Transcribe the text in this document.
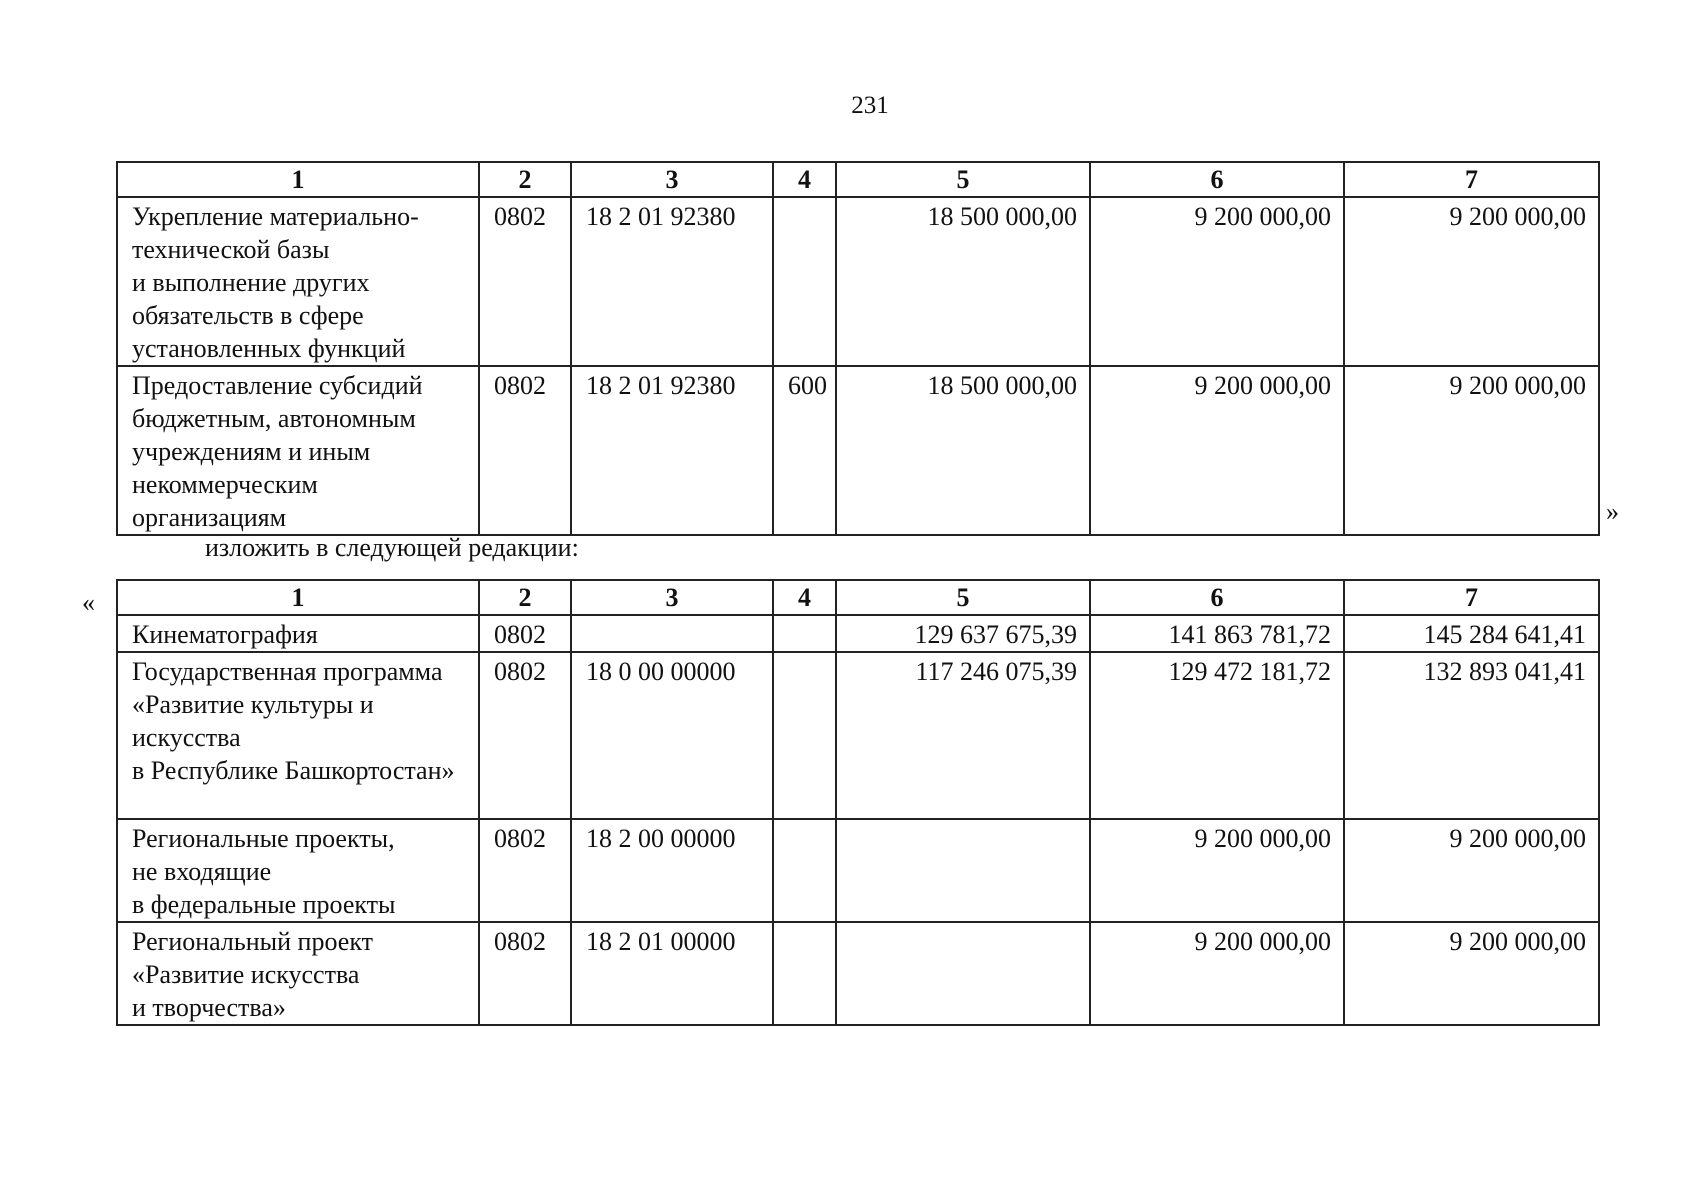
231
1	2	3	4	5	6	7
Укрепление материально-технической базы
и выполнение других обязательств в сфере установленных функций	0802	18 2 01 92380		18 500 000,00	9 200 000,00	9 200 000,00
Предоставление субсидий бюджетным, автономным учреждениям и иным некоммерческим организациям	0802	18 2 01 92380	600	18 500 000,00	9 200 000,00	9 200 000,00
»
изложить в следующей редакции:
«	1	2	3	4	5	6	7
Кинематография	0802			129 637 675,39	141 863 781,72	145 284 641,41
Государственная программа «Развитие культуры и искусства
в Республике Башкортостан»	0802	18 0 00 00000		117 246 075,39	129 472 181,72	132 893 041,41
Региональные проекты,
не входящие
в федеральные проекты	0802	18 2 00 00000			9 200 000,00	9 200 000,00
Региональный проект «Развитие искусства
и творчества»	0802	18 2 01 00000			9 200 000,00	9 200 000,00
